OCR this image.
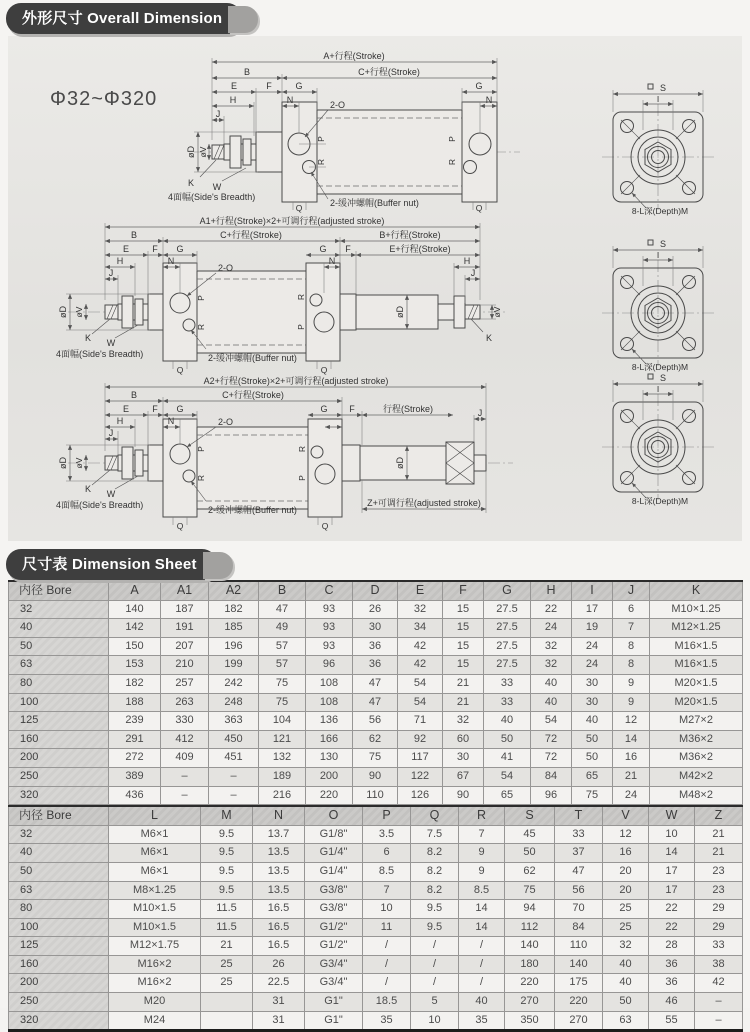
外形尺寸 Overall Dimension
Φ32~Φ320
A+行程(Stroke)
B	C+行程(Stroke)
E	F	G
H
J
N
G
N
2-O
øD øV
P
R
P
R
Q	Q
K W
4面幅(Side's Breadth)
2-缓冲螺帽(Buffer nut)
A1+行程(Stroke)×2+可调行程(adjusted stroke)
B	C+行程(Stroke)	B+行程(Stroke)
E	F G	G F	E+行程(Stroke)
N	N
H
J
H
J
2-O
øD øV	øD	øV
P
R
R
P
Q	Q
K W	K
4面幅(Side's Breadth)	2-缓冲螺帽(Buffer nut)
A2+行程(Stroke)×2+可调行程(adjusted stroke)
B	C+行程(Stroke)
E	F G	G F	行程(Stroke)	J
N
H
J
2-O
øD øV	øD
P
R
R
P
Q	Q
K W
4面幅(Side's Breadth)	2-缓冲螺帽(Buffer nut)
Z+可调行程(adjusted stroke)
S
I
8-L深(Depth)M
S
I
8-L深(Depth)M
S
I
8-L深(Depth)M
尺寸表 Dimension Sheet
内径 Bore	A	A1	A2	B	C	D	E	F	G	H	I	J	K
32	140	187	182	47	93	26	32	15	27.5	22	17	6	M10×1.25
40	142	191	185	49	93	30	34	15	27.5	24	19	7	M12×1.25
50	150	207	196	57	93	36	42	15	27.5	32	24	8	M16×1.5
63	153	210	199	57	96	36	42	15	27.5	32	24	8	M16×1.5
80	182	257	242	75	108	47	54	21	33	40	30	9	M20×1.5
100	188	263	248	75	108	47	54	21	33	40	30	9	M20×1.5
125	239	330	363	104	136	56	71	32	40	54	40	12	M27×2
160	291	412	450	121	166	62	92	60	50	72	50	14	M36×2
200	272	409	451	132	130	75	117	30	41	72	50	16	M36×2
250	389	–	–	189	200	90	122	67	54	84	65	21	M42×2
320	436	–	–	216	220	110	126	90	65	96	75	24	M48×2
内径 Bore	L	M	N	O	P	Q	R	S	T	V	W	Z
32	M6×1	9.5	13.7	G1/8"	3.5	7.5	7	45	33	12	10	21
40	M6×1	9.5	13.5	G1/4"	6	8.2	9	50	37	16	14	21
50	M6×1	9.5	13.5	G1/4"	8.5	8.2	9	62	47	20	17	23
63	M8×1.25	9.5	13.5	G3/8"	7	8.2	8.5	75	56	20	17	23
80	M10×1.5	11.5	16.5	G3/8"	10	9.5	14	94	70	25	22	29
100	M10×1.5	11.5	16.5	G1/2"	11	9.5	14	112	84	25	22	29
125	M12×1.75	21	16.5	G1/2"	/	/	/	140	110	32	28	33
160	M16×2	25	26	G3/4"	/	/	/	180	140	40	36	38
200	M16×2	25	22.5	G3/4"	/	/	/	220	175	40	36	42
250	M20		31	G1"	18.5	5	40	270	220	50	46	–
320	M24		31	G1"	35	10	35	350	270	63	55	–
